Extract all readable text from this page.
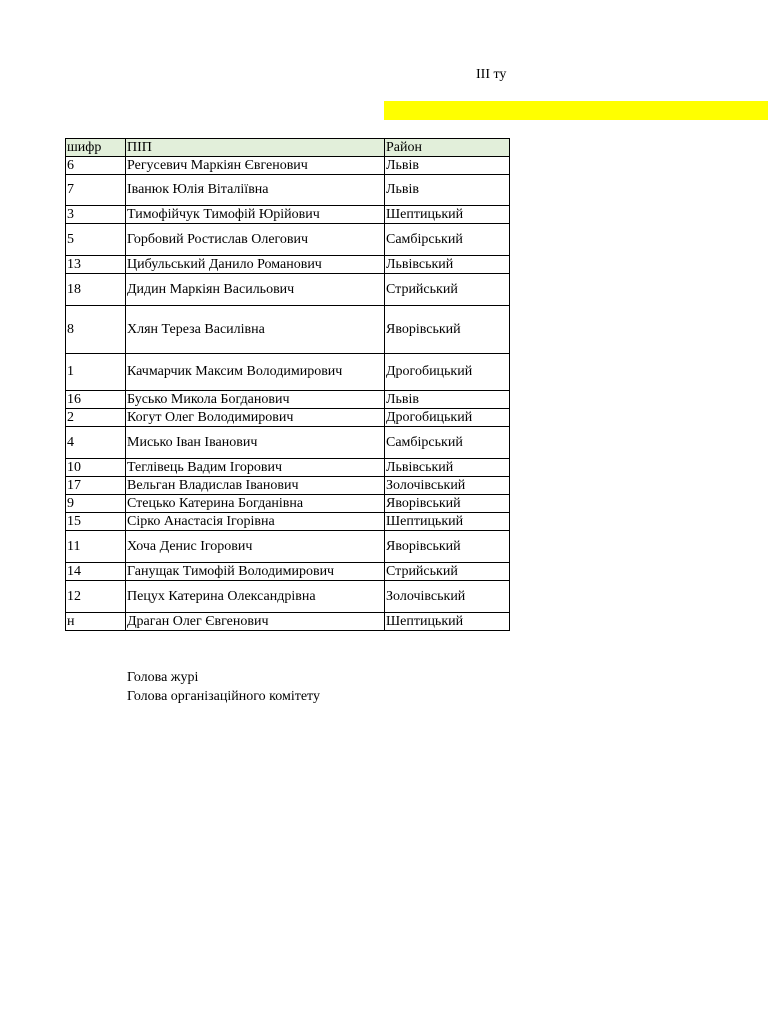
III ту
шифр	ПІП	Район
6	Регусевич Маркіян Євгенович	Львів
7	Іванюк Юлія Віталіївна	Львів
3	Тимофійчук Тимофій Юрійович	Шептицький
5	Горбовий Ростислав Олегович	Самбірський
13	Цибульський Данило Романович	Львівський
18	Дидин Маркіян Васильович	Стрийський
8	Хлян Тереза Василівна	Яворівський
1	Качмарчик Максим Володимирович	Дрогобицький
16	Бусько Микола Богданович	Львів
2	Когут Олег Володимирович	Дрогобицький
4	Мисько Іван Іванович	Самбірський
10	Теглівець Вадим Ігорович	Львівський
17	Вельган Владислав Іванович	Золочівський
9	Стецько Катерина Богданівна	Яворівський
15	Сірко Анастасія Ігорівна	Шептицький
11	Хоча Денис Ігорович	Яворівський
14	Ганущак Тимофій Володимирович	Стрийський
12	Пецух Катерина Олександрівна	Золочівський
н	Драган Олег Євгенович	Шептицький
Голова журі
Голова організаційного комітету
